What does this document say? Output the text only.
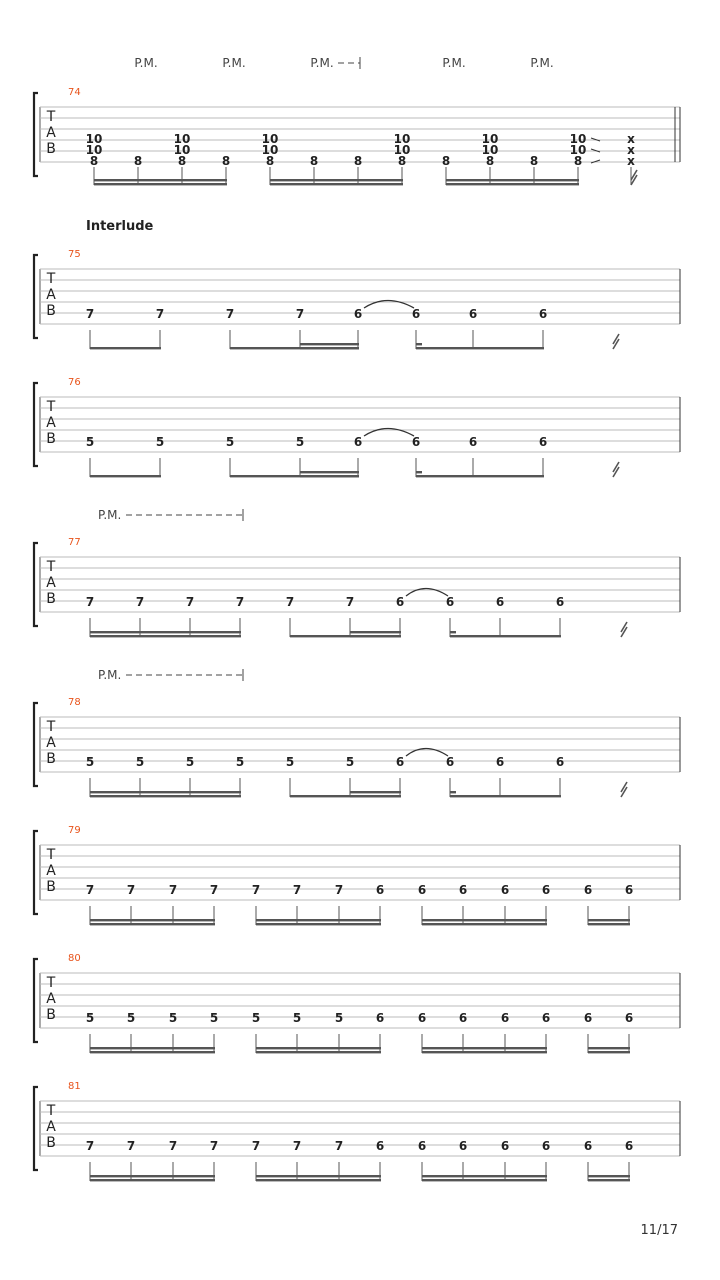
Interlude
11/17
T
A
B
74
P.M.	P.M.	P.M.	P.M.	P.M.
10
10
8	8
10
10
8	8
10
10
8	8	8
10
10
8	8
10
10
8	8
10
10
8
x
x
x
T
A
B
75
7	7	7	7	6	6	6	6
T
A
B
76
5	5	5	5	6	6	6	6
T
A
B
77
P.M.
7	7	7	7	7	7	6	6	6	6
T
A
B
78
P.M.
5	5	5	5	5	5	6	6	6	6
T
A
B
79
7	7	7	7	7	7	7	6	6	6	6	6	6	6
T
A
B
80
5	5	5	5	5	5	5	6	6	6	6	6	6	6
T
A
B
81
7	7	7	7	7	7	7	6	6	6	6	6	6	6
